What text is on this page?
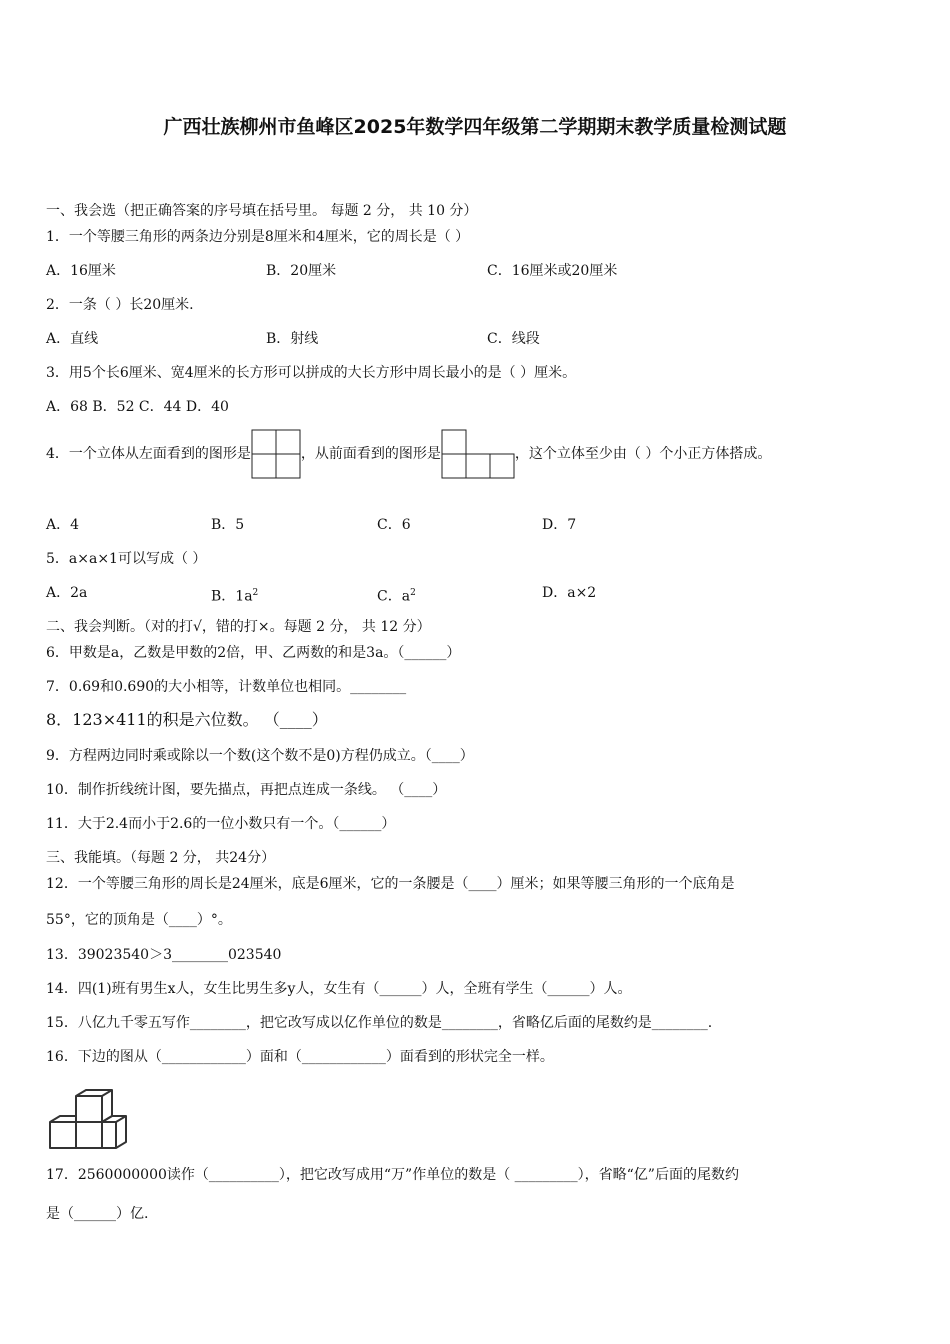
广西壮族柳州市鱼峰区2025年数学四年级第二学期期末教学质量检测试题
一、我会选（把正确答案的序号填在括号里。 每题 2 分， 共 10 分）
1．一个等腰三角形的两条边分别是8厘米和4厘米，它的周长是（ ）
A．16厘米	B．20厘米	C．16厘米或20厘米
2．一条（ ）长20厘米.
A．直线	B．射线	C．线段
3．用5个长6厘米、宽4厘米的长方形可以拼成的大长方形中周长最小的是（ ）厘米。
A．68 B．52 C．44 D．40
4．一个立体从左面看到的图形是	，从前面看到的图形是	，这个立体至少由（ ）个小正方体搭成。
A．4	B．5	C．6	D．7
5．a×a×1可以写成（ ）
A．2a	B．$1a^2$	C．$a^2$	D．a×2
二、我会判断。（对的打√，错的打×。每题 2 分， 共 12 分）
6．甲数是a，乙数是甲数的2倍，甲、乙两数的和是3a。（______）
7．0.69和0.690的大小相等，计数单位也相同。________
8．123×411的积是六位数。 （____）
9．方程两边同时乘或除以一个数(这个数不是0)方程仍成立。（____）
10．制作折线统计图，要先描点，再把点连成一条线。 （____）
11．大于2.4而小于2.6的一位小数只有一个。（______）
三、我能填。（每题 2 分， 共24分）
12．一个等腰三角形的周长是24厘米，底是6厘米，它的一条腰是（____）厘米；如果等腰三角形的一个底角是
55°，它的顶角是（____）°。
13．39023540＞3________023540
14．四(1)班有男生x人，女生比男生多y人，女生有（______）人，全班有学生（______）人。
15．八亿九千零五写作________，把它改写成以亿作单位的数是________，省略亿后面的尾数约是________.
16．下边的图从（____________）面和（____________）面看到的形状完全一样。
17．2560000000读作（__________），把它改写成用“万”作单位的数是（ _________），省略“亿”后面的尾数约
是（______）亿.
